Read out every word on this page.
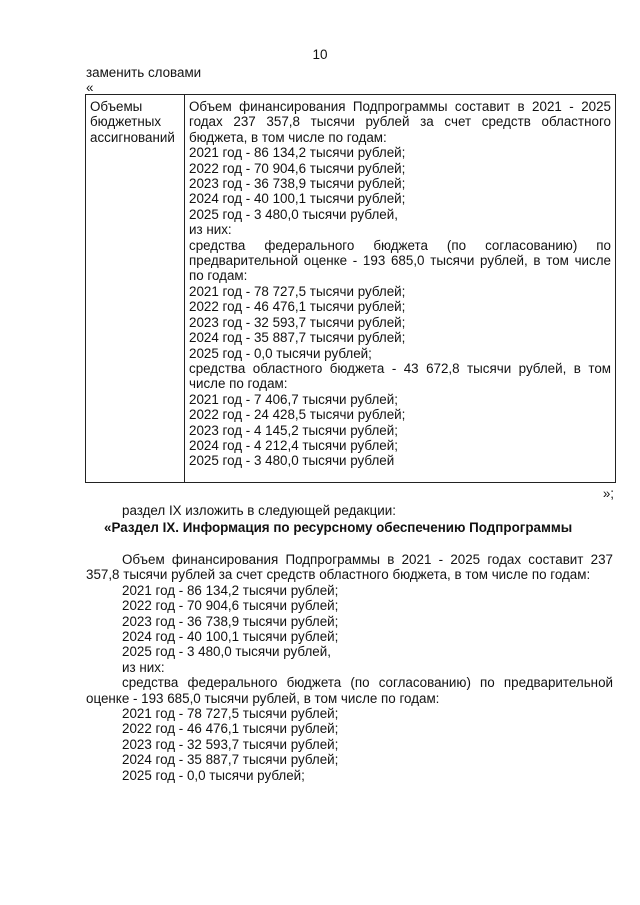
10
заменить словами
«
Объемы
бюджетных
ассигнований
Объем финансирования Подпрограммы составит в 2021 - 2025 годах 237 357,8 тысячи рублей за счет средств областного бюджета, в том числе по годам:
2021 год - 86 134,2 тысячи рублей;
2022 год - 70 904,6 тысячи рублей;
2023 год - 36 738,9 тысячи рублей;
2024 год - 40 100,1 тысячи рублей;
2025 год - 3 480,0 тысячи рублей,
из них:
средства федерального бюджета (по согласованию) по предварительной оценке - 193 685,0 тысячи рублей, в том числе по годам:
2021 год - 78 727,5 тысячи рублей;
2022 год - 46 476,1 тысячи рублей;
2023 год - 32 593,7 тысячи рублей;
2024 год - 35 887,7 тысячи рублей;
2025 год - 0,0 тысячи рублей;
средства областного бюджета - 43 672,8 тысячи рублей, в том числе по годам:
2021 год - 7 406,7 тысячи рублей;
2022 год - 24 428,5 тысячи рублей;
2023 год - 4 145,2 тысячи рублей;
2024 год - 4 212,4 тысячи рублей;
2025 год - 3 480,0 тысячи рублей
»;
раздел IX изложить в следующей редакции:
«Раздел IX. Информация по ресурсному обеспечению Подпрограммы
Объем финансирования Подпрограммы в 2021 - 2025 годах составит 237 357,8 тысячи рублей за счет средств областного бюджета, в том числе по годам:
2021 год - 86 134,2 тысячи рублей;
2022 год - 70 904,6 тысячи рублей;
2023 год - 36 738,9 тысячи рублей;
2024 год - 40 100,1 тысячи рублей;
2025 год - 3 480,0 тысячи рублей,
из них:
средства федерального бюджета (по согласованию) по предварительной оценке - 193 685,0 тысячи рублей, в том числе по годам:
2021 год - 78 727,5 тысячи рублей;
2022 год - 46 476,1 тысячи рублей;
2023 год - 32 593,7 тысячи рублей;
2024 год - 35 887,7 тысячи рублей;
2025 год - 0,0 тысячи рублей;
